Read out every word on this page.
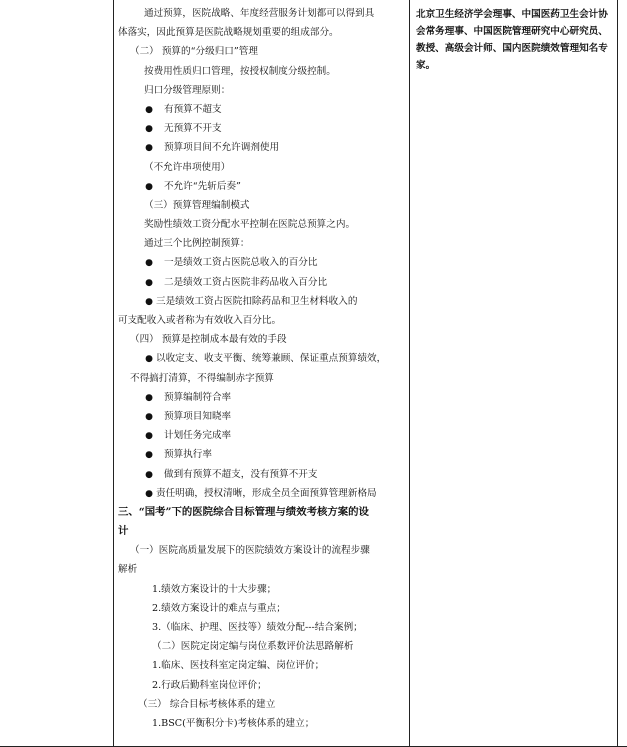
通过预算，医院战略、年度经营服务计划都可以得到具
体落实，因此预算是医院战略规划重要的组成部分。
（二） 预算的“分级归口”管理
按费用性质归口管理，按授权制度分级控制。
归口分级管理原则：
● 有预算不超支
● 无预算不开支
● 预算项目间不允许调剂使用
（不允许串项使用）
● 不允许“先斩后奏”
（三）预算管理编制模式
奖励性绩效工资分配水平控制在医院总预算之内。
通过三个比例控制预算：
● 一是绩效工资占医院总收入的百分比
● 二是绩效工资占医院非药品收入百分比
● 三是绩效工资占医院扣除药品和卫生材料收入的
可支配收入或者称为有效收入百分比。
（四） 预算是控制成本最有效的手段
● 以收定支、收支平衡、统筹兼顾、保证重点预算绩效，
不得搞打清算，不得编制赤字预算
● 预算编制符合率
● 预算项目知晓率
● 计划任务完成率
● 预算执行率
● 做到有预算不超支，没有预算不开支
● 责任明确，授权清晰，形成全员全面预算管理新格局
三、“国考”下的医院综合目标管理与绩效考核方案的设
计
（一）医院高质量发展下的医院绩效方案设计的流程步骤
解析
1.绩效方案设计的十大步骤；
2.绩效方案设计的难点与重点；
3.（临床、护理、医技等）绩效分配---结合案例；
（二）医院定岗定编与岗位系数评价法思路解析
1.临床、医技科室定岗定编、岗位评价；
2.行政后勤科室岗位评价；
（三） 综合目标考核体系的建立
1.BSC(平衡积分卡)考核体系的建立；
北京卫生经济学会理事、中国医药卫生会计协会常务理事、中国医院管理研究中心研究员、教授、高级会计师、国内医院绩效管理知名专家。
